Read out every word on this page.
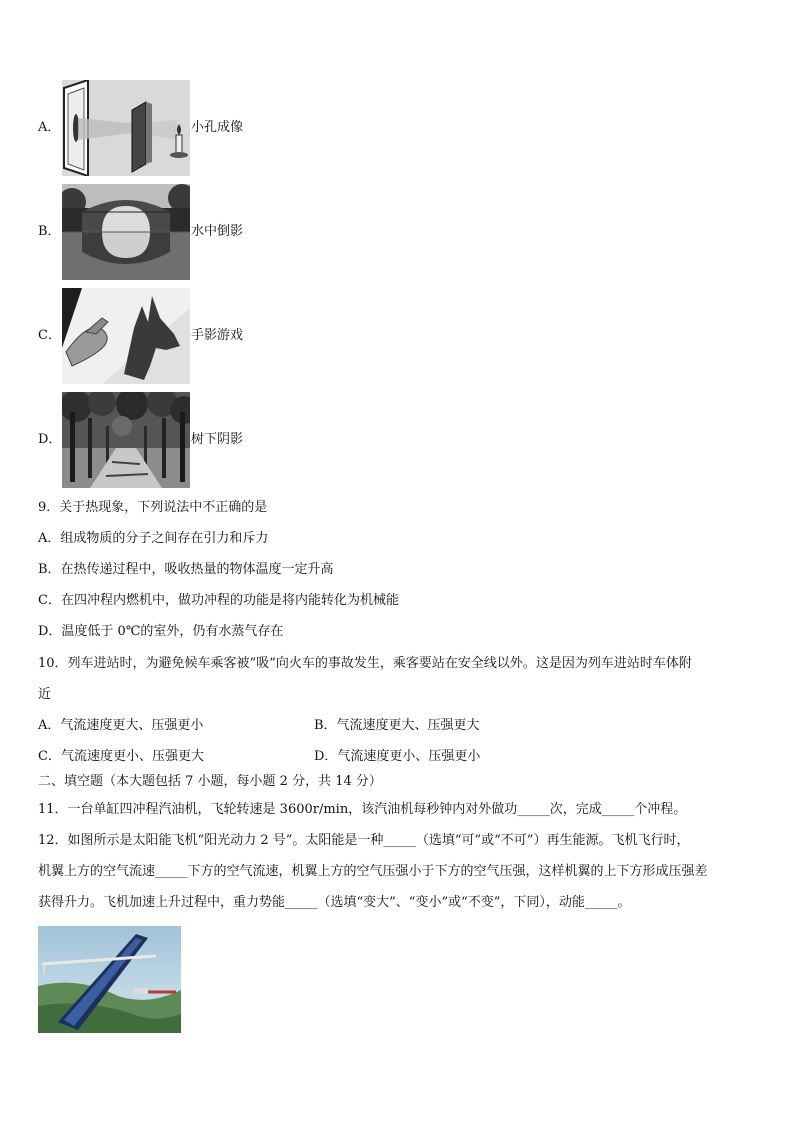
A．	小孔成像
B．	水中倒影
C．	手影游戏
D．	树下阴影
9．关于热现象，下列说法中不正确的是
A．组成物质的分子之间存在引力和斥力
B．在热传递过程中，吸收热量的物体温度一定升高
C．在四冲程内燃机中，做功冲程的功能是将内能转化为机械能
D．温度低于 0℃的室外，仍有水蒸气存在
10．列车进站时，为避免候车乘客被“吸”向火车的事故发生，乘客要站在安全线以外。这是因为列车进站时车体附
近
A．气流速度更大、压强更小	B．气流速度更大、压强更大
C．气流速度更小、压强更大	D．气流速度更小、压强更小
二、填空题（本大题包括 7 小题，每小题 2 分，共 14 分）
11．一台单缸四冲程汽油机，飞轮转速是 3600r/min，该汽油机每秒钟内对外做功_____次，完成_____个冲程。
12．如图所示是太阳能飞机“阳光动力 2 号”。太阳能是一种_____（选填“可”或“不可”）再生能源。飞机飞行时，
机翼上方的空气流速_____下方的空气流速，机翼上方的空气压强小于下方的空气压强，这样机翼的上下方形成压强差
获得升力。飞机加速上升过程中，重力势能_____（选填“变大”、“变小”或“不变”，下同），动能_____。
